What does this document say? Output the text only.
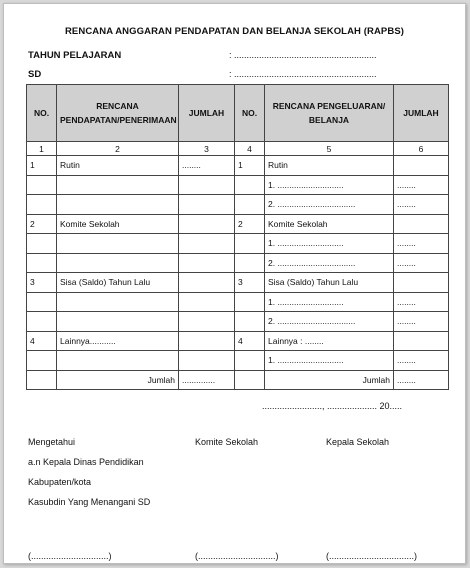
RENCANA ANGGARAN PENDAPATAN DAN BELANJA SEKOLAH (RAPBS)
TAHUN PELAJARAN	: .........................................................
SD	: .........................................................
NO.	RENCANA PENDAPATAN/PENERIMAAN	JUMLAH	NO.	RENCANA PENGELUARAN/ BELANJA	JUMLAH
1	2	3	4	5	6
1	Rutin	........	1	Rutin	
				1. ............................	........
				2. .................................	........
2	Komite Sekolah		2	Komite Sekolah	
				1. ............................	........
				2. .................................	........
3	Sisa (Saldo) Tahun Lalu		3	Sisa (Saldo) Tahun Lalu	
				1. ............................	........
				2. .................................	........
4	Lainnya...........		4	Lainnya : ........	
				1. ............................	........
	Jumlah	..............		Jumlah	........
........................, .................... 20.....
Mengetahui	Komite Sekolah	Kepala Sekolah
a.n Kepala Dinas Pendidikan
Kabupaten/kota
Kasubdin Yang Menangani SD
(...............................)	(...............................)	(..................................)
